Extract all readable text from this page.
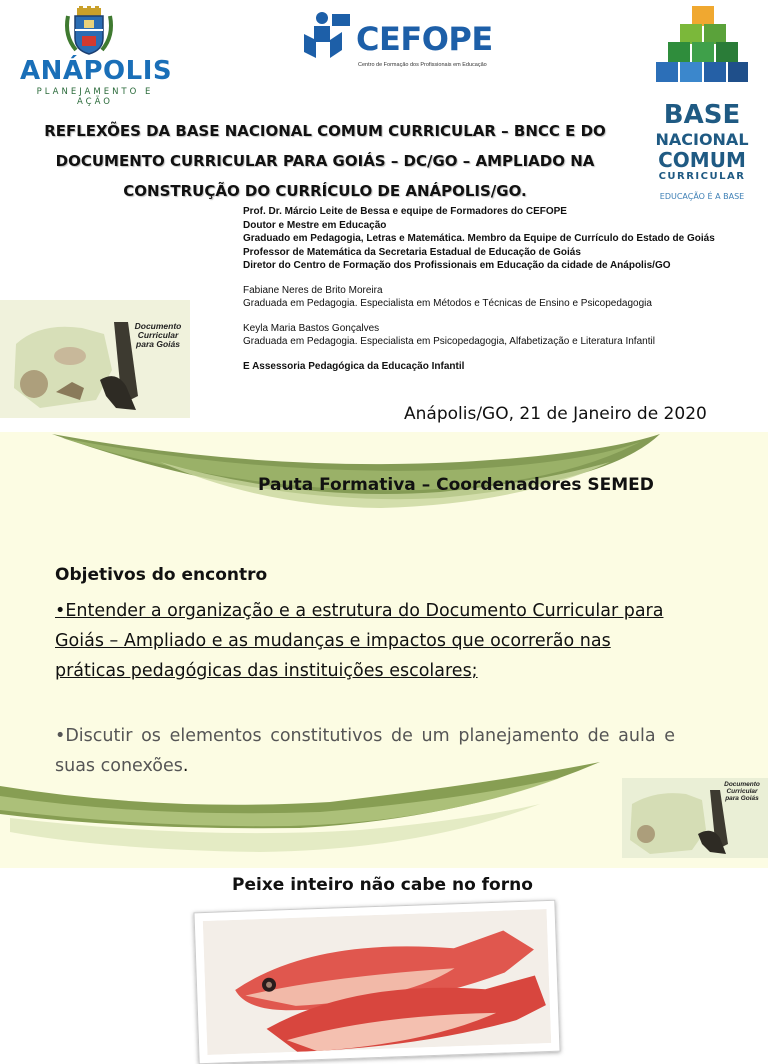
ANÁPOLIS
PLANEJAMENTO E AÇÃO
CEFOPE
Centro de Formação dos Profissionais em Educação
BASE
NACIONAL
COMUM
CURRICULAR
EDUCAÇÃO É A BASE
REFLEXÕES DA BASE NACIONAL COMUM CURRICULAR – BNCC E DO
DOCUMENTO CURRICULAR PARA GOIÁS – DC/GO – AMPLIADO NA
CONSTRUÇÃO DO CURRÍCULO DE ANÁPOLIS/GO.
Prof. Dr. Márcio Leite de Bessa e equipe de Formadores do CEFOPE
Doutor e Mestre em Educação
Graduado em Pedagogia, Letras e Matemática. Membro da Equipe de Currículo do Estado de Goiás
Professor de Matemática da Secretaria Estadual de Educação de Goiás
Diretor do Centro de Formação dos Profissionais em Educação da cidade de Anápolis/GO
Fabiane Neres de Brito Moreira
Graduada em Pedagogia. Especialista em Métodos e Técnicas de Ensino e Psicopedagogia
Keyla Maria Bastos Gonçalves
Graduada em Pedagogia. Especialista em Psicopedagogia, Alfabetização e Literatura Infantil
E Assessoria Pedagógica da Educação Infantil
Documento
Curricular
para Goiás
Anápolis/GO, 21 de Janeiro de 2020
Pauta Formativa – Coordenadores SEMED
Objetivos do encontro
•Entender a organização e a estrutura do Documento Curricular para Goiás – Ampliado e as mudanças e impactos que ocorrerão nas práticas pedagógicas das instituições escolares;
•Discutir os elementos constitutivos de um planejamento de aula e suas conexões.
Documento
Curricular
para Goiás
Peixe inteiro não cabe no forno
